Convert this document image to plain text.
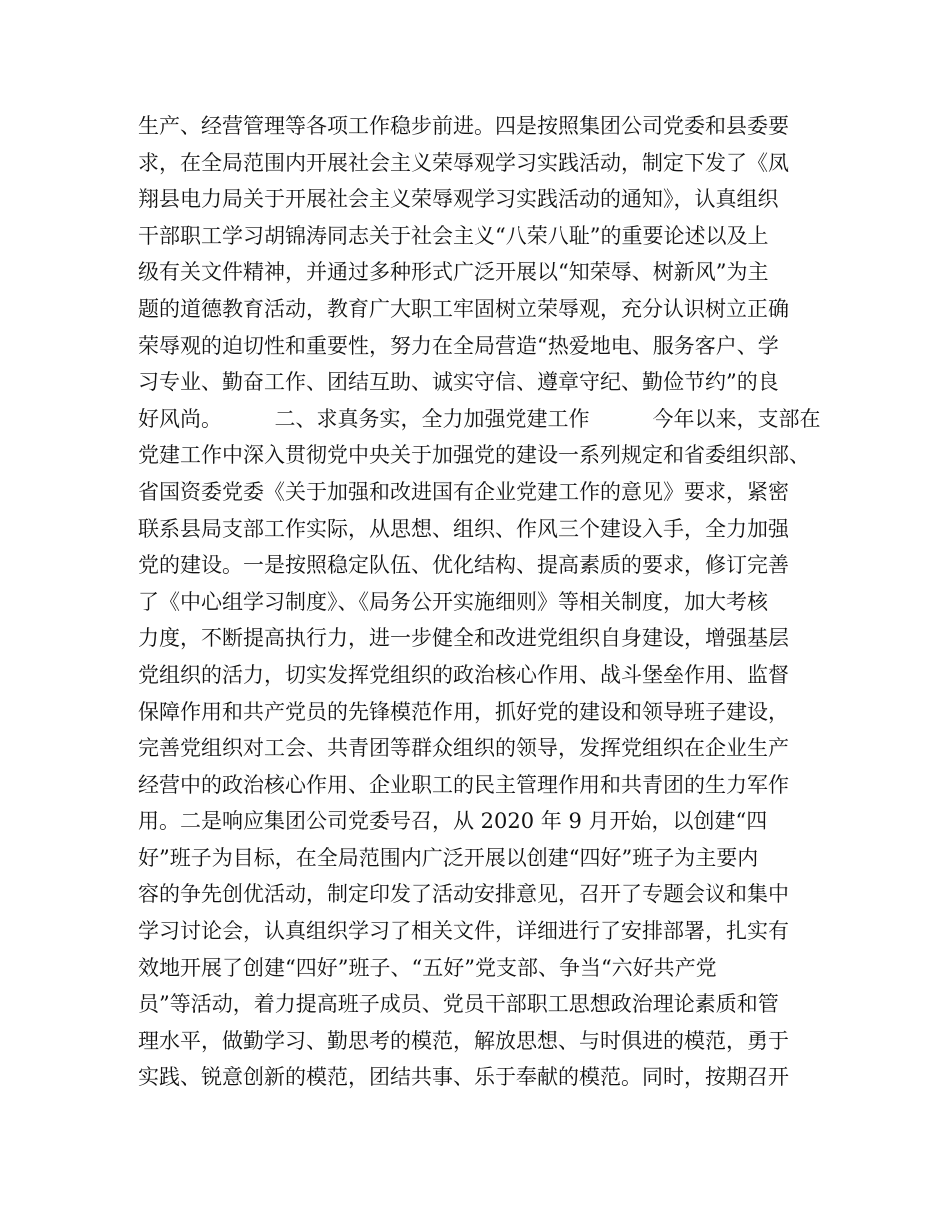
生产、经营管理等各项工作稳步前进。四是按照集团公司党委和县委要
求，在全局范围内开展社会主义荣辱观学习实践活动，制定下发了《凤
翔县电力局关于开展社会主义荣辱观学习实践活动的通知》，认真组织
干部职工学习胡锦涛同志关于社会主义“八荣八耻”的重要论述以及上
级有关文件精神，并通过多种形式广泛开展以“知荣辱、树新风”为主
题的道德教育活动，教育广大职工牢固树立荣辱观，充分认识树立正确
荣辱观的迫切性和重要性，努力在全局营造“热爱地电、服务客户、学
习专业、勤奋工作、团结互助、诚实守信、遵章守纪、勤俭节约”的良
好风尚。　　　二、求真务实，全力加强党建工作　　　今年以来，支部在
党建工作中深入贯彻党中央关于加强党的建设一系列规定和省委组织部、
省国资委党委《关于加强和改进国有企业党建工作的意见》要求，紧密
联系县局支部工作实际，从思想、组织、作风三个建设入手，全力加强
党的建设。一是按照稳定队伍、优化结构、提高素质的要求，修订完善
了《中心组学习制度》、《局务公开实施细则》等相关制度，加大考核
力度，不断提高执行力，进一步健全和改进党组织自身建设，增强基层
党组织的活力，切实发挥党组织的政治核心作用、战斗堡垒作用、监督
保障作用和共产党员的先锋模范作用，抓好党的建设和领导班子建设，
完善党组织对工会、共青团等群众组织的领导，发挥党组织在企业生产
经营中的政治核心作用、企业职工的民主管理作用和共青团的生力军作
用。二是响应集团公司党委号召，从 2020 年 9 月开始，以创建“四
好”班子为目标，在全局范围内广泛开展以创建“四好”班子为主要内
容的争先创优活动，制定印发了活动安排意见，召开了专题会议和集中
学习讨论会，认真组织学习了相关文件，详细进行了安排部署，扎实有
效地开展了创建“四好”班子、“五好”党支部、争当“六好共产党
员”等活动，着力提高班子成员、党员干部职工思想政治理论素质和管
理水平，做勤学习、勤思考的模范，解放思想、与时俱进的模范，勇于
实践、锐意创新的模范，团结共事、乐于奉献的模范。同时，按期召开
